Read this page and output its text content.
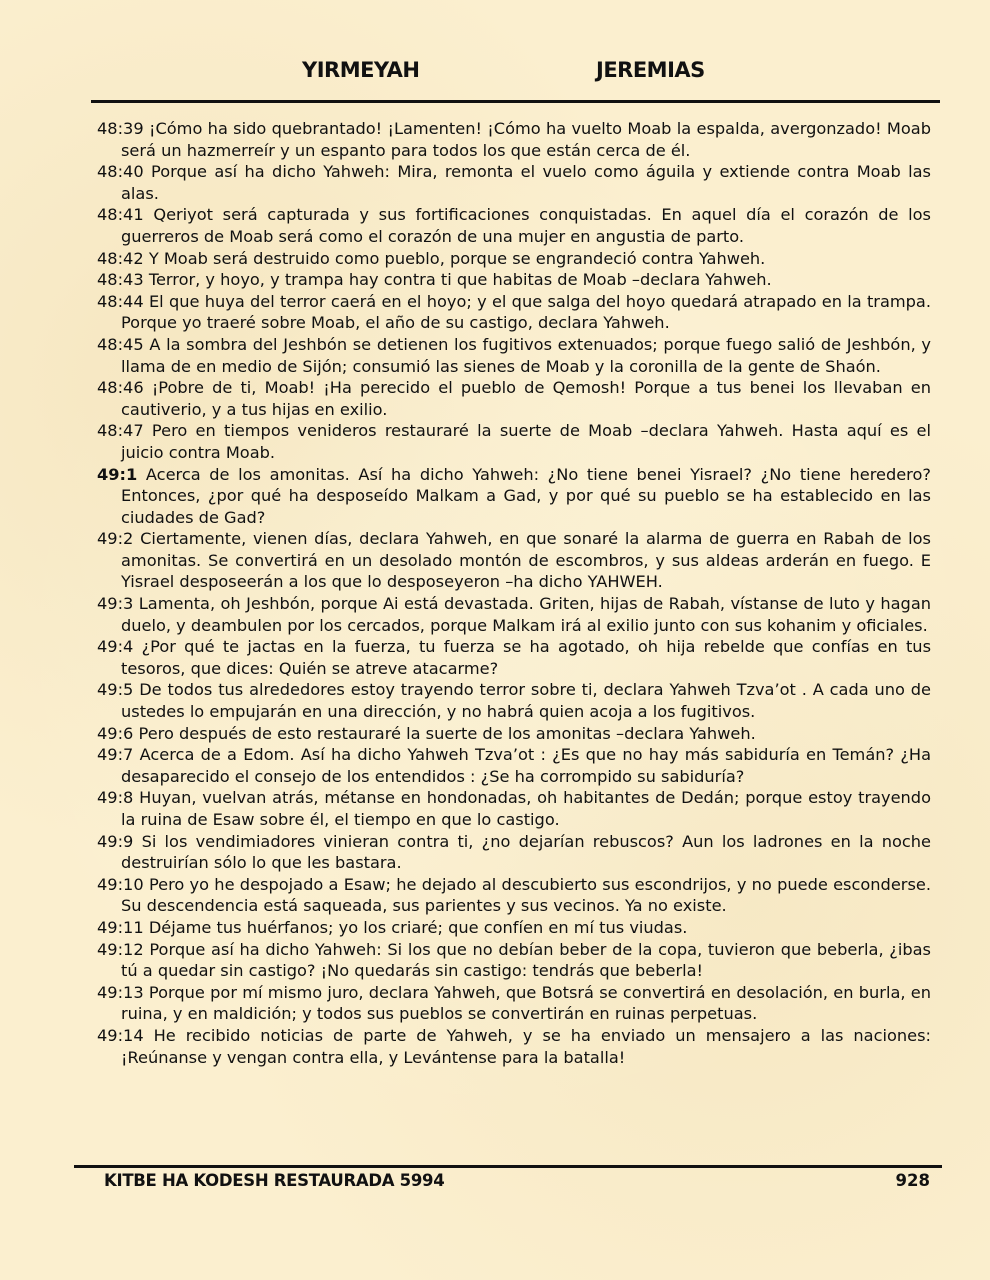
YIRMEYAH	JEREMIAS

48:39 ¡Cómo ha sido quebrantado! ¡Lamenten! ¡Cómo ha vuelto Moab la espalda, avergonzado! Moab será un hazmerreír y un espanto para todos los que están cerca de él.

48:40 Porque así ha dicho Yahweh: Mira, remonta el vuelo como águila y extiende contra Moab las alas.

48:41 Qeriyot será capturada y sus fortificaciones conquistadas. En aquel día el corazón de los guerreros de Moab será como el corazón de una mujer en angustia de parto.

48:42 Y Moab será destruido como pueblo, porque se engrandeció contra Yahweh.

48:43 Terror, y hoyo, y trampa hay contra ti que habitas de Moab –declara Yahweh.

48:44 El que huya del terror caerá en el hoyo; y el que salga del hoyo quedará atrapado en la trampa. Porque yo traeré sobre Moab, el año de su castigo, declara Yahweh.

48:45 A la sombra del Jeshbón se detienen los fugitivos extenuados; porque fuego salió de Jeshbón, y llama de en medio de Sijón; consumió las sienes de Moab y la coronilla de la gente de Shaón.

48:46 ¡Pobre de ti, Moab! ¡Ha perecido el pueblo de Qemosh! Porque a tus benei los llevaban en cautiverio, y a tus hijas en exilio.

48:47 Pero en tiempos venideros restauraré la suerte de Moab –declara Yahweh. Hasta aquí es el juicio contra Moab.

49:1 Acerca de los amonitas. Así ha dicho Yahweh: ¿No tiene benei Yisrael? ¿No tiene heredero? Entonces, ¿por qué ha desposeído Malkam a Gad, y por qué su pueblo se ha establecido en las ciudades de Gad?

49:2 Ciertamente, vienen días, declara Yahweh, en que sonaré la alarma de guerra en Rabah de los amonitas. Se convertirá en un desolado montón de escombros, y sus aldeas arderán en fuego. E Yisrael desposeerán a los que lo desposeyeron –ha dicho YAHWEH.

49:3 Lamenta, oh Jeshbón, porque Ai está devastada. Griten, hijas de Rabah, vístanse de luto y hagan duelo, y deambulen por los cercados, porque Malkam irá al exilio junto con sus kohanim y oficiales.

49:4 ¿Por qué te jactas en la fuerza, tu fuerza se ha agotado, oh hija rebelde que confías en tus tesoros, que dices: Quién se atreve atacarme?

49:5 De todos tus alrededores estoy trayendo terror sobre ti, declara Yahweh Tzva’ot . A cada uno de ustedes lo empujarán en una dirección, y no habrá quien acoja a los fugitivos.

49:6 Pero después de esto restauraré la suerte de los amonitas –declara Yahweh.

49:7 Acerca de a Edom. Así ha dicho Yahweh Tzva’ot : ¿Es que no hay más sabiduría en Temán? ¿Ha desaparecido el consejo de los entendidos : ¿Se ha corrompido su sabiduría?

49:8 Huyan, vuelvan atrás, métanse en hondonadas, oh habitantes de Dedán; porque estoy trayendo la ruina de Esaw sobre él, el tiempo en que lo castigo.

49:9 Si los vendimiadores vinieran contra ti, ¿no dejarían rebuscos? Aun los ladrones en la noche destruirían sólo lo que les bastara.

49:10 Pero yo he despojado a Esaw; he dejado al descubierto sus escondrijos, y no puede esconderse. Su descendencia está saqueada, sus parientes y sus vecinos. Ya no existe.

49:11 Déjame tus huérfanos; yo los criaré; que confíen en mí tus viudas.

49:12 Porque así ha dicho Yahweh: Si los que no debían beber de la copa, tuvieron que beberla, ¿ibas tú a quedar sin castigo? ¡No quedarás sin castigo: tendrás que beberla!

49:13 Porque por mí mismo juro, declara Yahweh, que Botsrá se convertirá en desolación, en burla, en ruina, y en maldición; y todos sus pueblos se convertirán en ruinas perpetuas.

49:14 He recibido noticias de parte de Yahweh, y se ha enviado un mensajero a las naciones: ¡Reúnanse y vengan contra ella, y Levántense para la batalla!

KITBE HA KODESH RESTAURADA 5994	928
